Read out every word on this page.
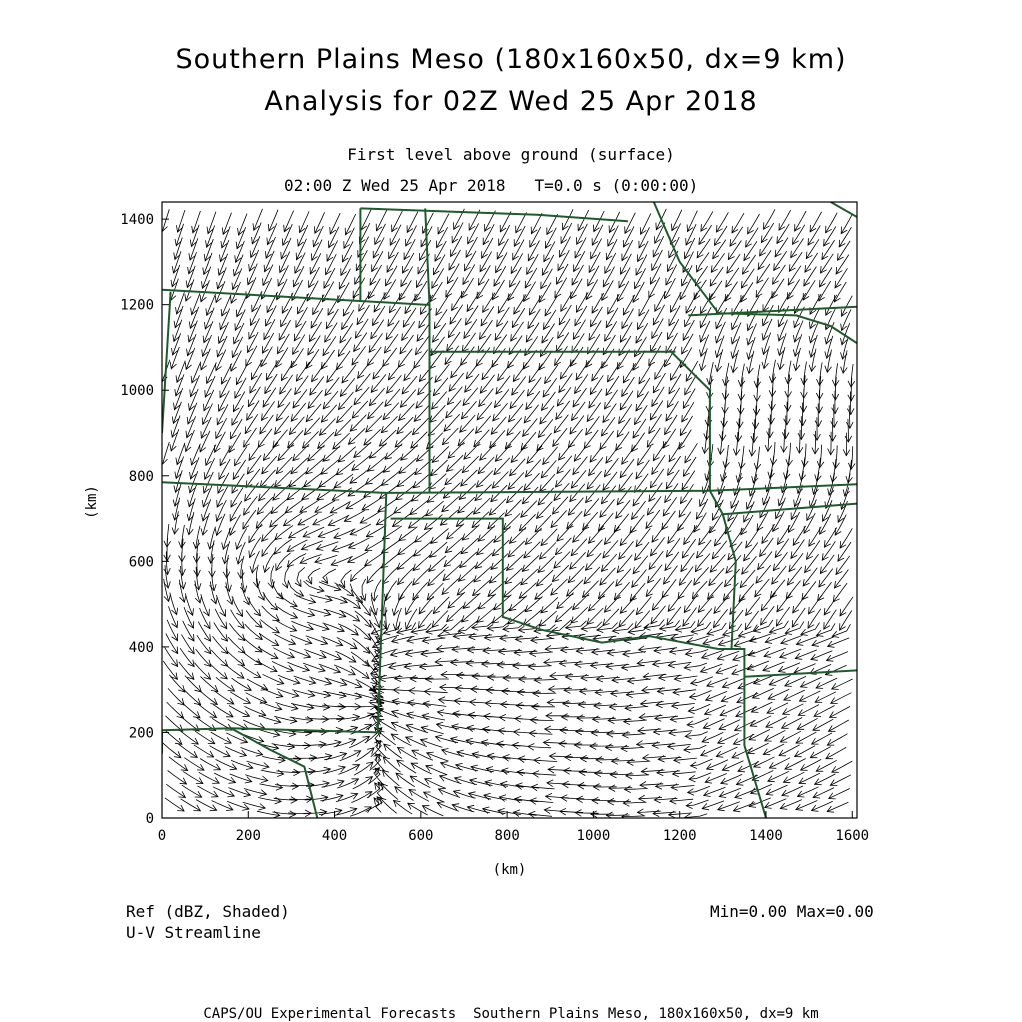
Southern Plains Meso (180x160x50, dx=9 km)
Analysis for 02Z Wed 25 Apr 2018
First level above ground (surface)
02:00 Z Wed 25 Apr 2018   T=0.0 s (0:00:00)
0	200	400	600	800	1000	1200	1400	1600
0
200
400
600
800
1000
1200
1400
(km)
(km)
Ref (dBZ, Shaded)
U-V Streamline
Min=0.00 Max=0.00
CAPS/OU Experimental Forecasts  Southern Plains Meso, 180x160x50, dx=9 km
